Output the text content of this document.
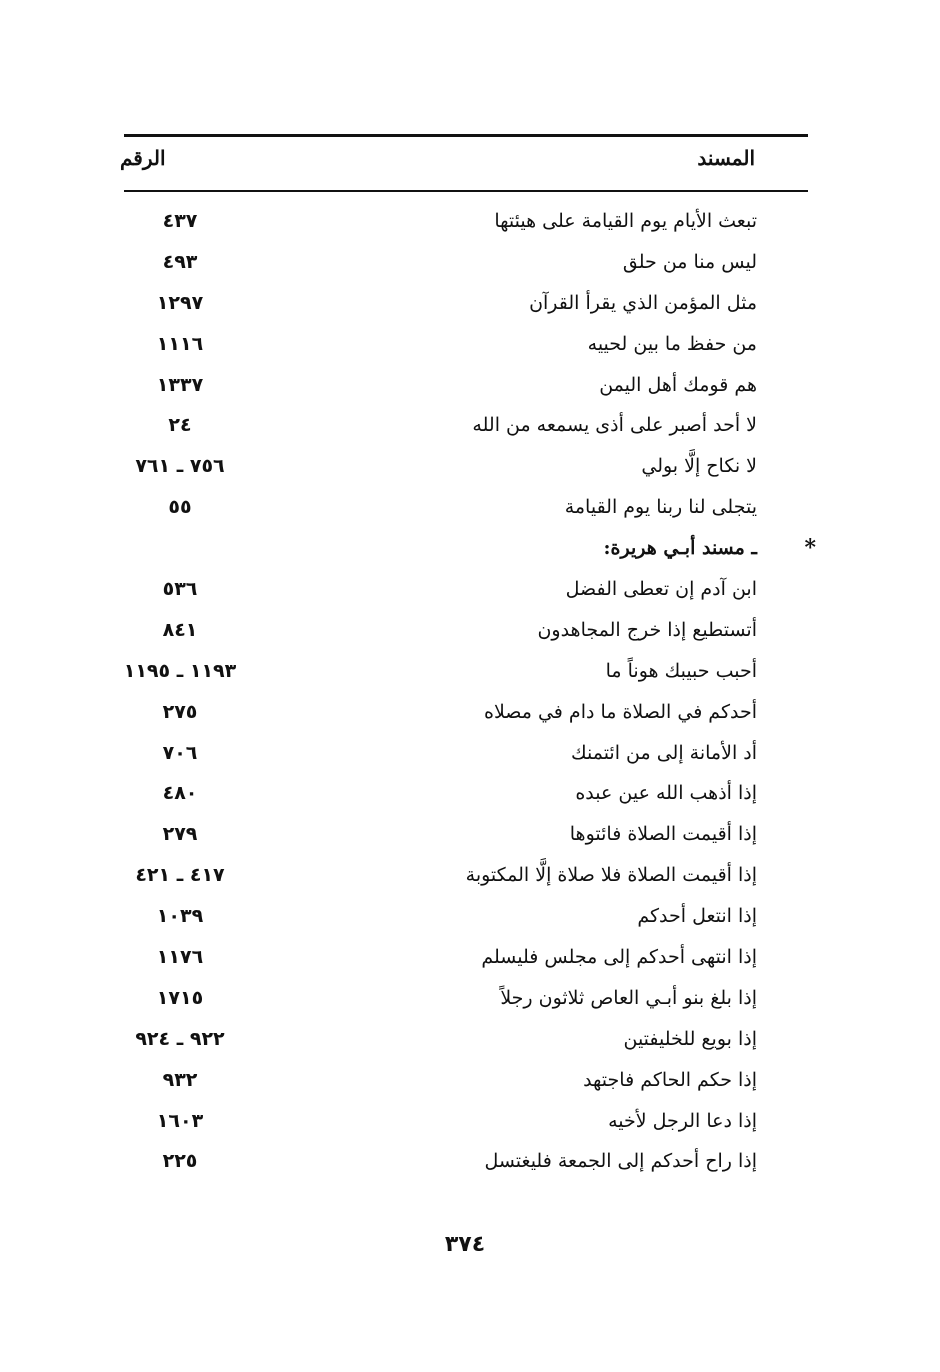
المسند
الرقم
تبعث الأيام يوم القيامة على هيئتها
٤٣٧
ليس منا من حلق
٤٩٣
مثل المؤمن الذي يقرأ القرآن
١٢٩٧
من حفظ ما بين لحييه
١١١٦
هم قومك أهل اليمن
١٣٣٧
لا أحد أصبر على أذى يسمعه من الله
٢٤
لا نكاح إلَّا بولي
٧٥٦ ـ ٧٦١
يتجلى لنا ربنا يوم القيامة
٥٥
*
ـ مسند أبـي هريرة:
ابن آدم إن تعطى الفضل
٥٣٦
أتستطيع إذا خرج المجاهدون
٨٤١
أحبب حبيبك هوناً ما
١١٩٣ ـ ١١٩٥
أحدكم في الصلاة ما دام في مصلاه
٢٧٥
أد الأمانة إلى من ائتمنك
٧٠٦
إذا أذهب الله عين عبده
٤٨٠
إذا أقيمت الصلاة فائتوها
٢٧٩
إذا أقيمت الصلاة فلا صلاة إلَّا المكتوبة
٤١٧ ـ ٤٢١
إذا انتعل أحدكم
١٠٣٩
إذا انتهى أحدكم إلى مجلس فليسلم
١١٧٦
إذا بلغ بنو أبـي العاص ثلاثون رجلاً
١٧١٥
إذا بويع للخليفتين
٩٢٢ ـ ٩٢٤
إذا حكم الحاكم فاجتهد
٩٣٢
إذا دعا الرجل لأخيه
١٦٠٣
إذا راح أحدكم إلى الجمعة فليغتسل
٢٢٥
٣٧٤
